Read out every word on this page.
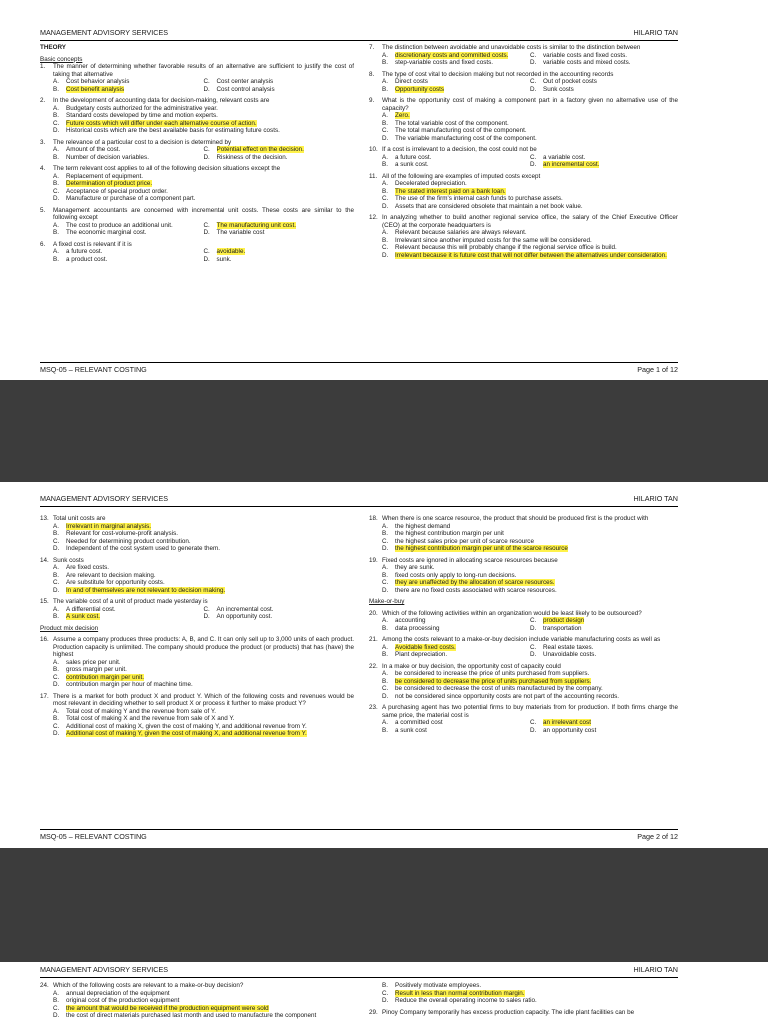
MANAGEMENT ADVISORY SERVICES	HILARIO TAN
THEORY
Basic concepts
1. The manner of determining whether favorable results of an alternative are sufficient to justify the cost of taking that alternative
A. Cost behavior analysis	C. Cost center analysis
B. Cost benefit analysis	D. Cost control analysis
2. In the development of accounting data for decision-making, relevant costs are
A. Budgetary costs authorized for the administrative year.
B. Standard costs developed by time and motion experts.
C. Future costs which will differ under each alternative course of action.
D. Historical costs which are the best available basis for estimating future costs.
3. The relevance of a particular cost to a decision is determined by
A. Amount of the cost.	C. Potential effect on the decision.
B. Number of decision variables.	D. Riskiness of the decision.
4. The term relevant cost applies to all of the following decision situations except the
A. Replacement of equipment.
B. Determination of product price.
C. Acceptance of special product order.
D. Manufacture or purchase of a component part.
5. Management accountants are concerned with incremental unit costs. These costs are similar to the following except
A. The cost to produce an additional unit.	C. The manufacturing unit cost.
B. The economic marginal cost.	D. The variable cost
6. A fixed cost is relevant if it is
A. a future cost.	C. avoidable.
B. a product cost.	D. sunk.
7. The distinction between avoidable and unavoidable costs is similar to the distinction between
A. discretionary costs and committed costs.	C. variable costs and fixed costs.
B. step-variable costs and fixed costs.	D. variable costs and mixed costs.
8. The type of cost vital to decision making but not recorded in the accounting records
A. Direct costs	C. Out of pocket costs
B. Opportunity costs	D. Sunk costs
9. What is the opportunity cost of making a component part in a factory given no alternative use of the capacity?
A. Zero.
B. The total variable cost of the component.
C. The total manufacturing cost of the component.
D. The variable manufacturing cost of the component.
10. If a cost is irrelevant to a decision, the cost could not be
A. a future cost.	C. a variable cost.
B. a sunk cost.	D. an incremental cost.
11. All of the following are examples of imputed costs except
A. Decelerated depreciation.
B. The stated interest paid on a bank loan.
C. The use of the firm's internal cash funds to purchase assets.
D. Assets that are considered obsolete that maintain a net book value.
12. In analyzing whether to build another regional service office, the salary of the Chief Executive Officer (CEO) at the corporate headquarters is
A. Relevant because salaries are always relevant.
B. Irrelevant since another imputed costs for the same will be considered.
C. Relevant because this will probably change if the regional service office is build.
D. Irrelevant because it is future cost that will not differ between the alternatives under consideration.
MSQ-05 – RELEVANT COSTING	Page 1 of 12
MANAGEMENT ADVISORY SERVICES	HILARIO TAN
13. Total unit costs are
A. Irrelevant in marginal analysis.
B. Relevant for cost-volume-profit analysis.
C. Needed for determining product contribution.
D. Independent of the cost system used to generate them.
14. Sunk costs
A. Are fixed costs.
B. Are relevant to decision making.
C. Are substitute for opportunity costs.
D. In and of themselves are not relevant to decision making.
15. The variable cost of a unit of product made yesterday is
A. A differential cost.	C. An incremental cost.
B. A sunk cost.	D. An opportunity cost.
Product mix decision
16. Assume a company produces three products: A, B, and C. It can only sell up to 3,000 units of each product. Production capacity is unlimited. The company should produce the product (or products) that has (have) the highest
A. sales price per unit.
B. gross margin per unit.
C. contribution margin per unit.
D. contribution margin per hour of machine time.
17. There is a market for both product X and product Y. Which of the following costs and revenues would be most relevant in deciding whether to sell product X or process it further to make product Y?
A. Total cost of making Y and the revenue from sale of Y.
B. Total cost of making X and the revenue from sale of X and Y.
C. Additional cost of making X, given the cost of making Y, and additional revenue from Y.
D. Additional cost of making Y, given the cost of making X, and additional revenue from Y.
18. When there is one scarce resource, the product that should be produced first is the product with
A. the highest demand
B. the highest contribution margin per unit
C. the highest sales price per unit of scarce resource
D. the highest contribution margin per unit of the scarce resource
19. Fixed costs are ignored in allocating scarce resources because
A. they are sunk.
B. fixed costs only apply to long-run decisions.
C. they are unaffected by the allocation of scarce resources.
D. there are no fixed costs associated with scarce resources.
Make-or-buy
20. Which of the following activities within an organization would be least likely to be outsourced?
A. accounting	C. product design
B. data processing	D. transportation
21. Among the costs relevant to a make-or-buy decision include variable manufacturing costs as well as
A. Avoidable fixed costs.	C. Real estate taxes.
B. Plant depreciation.	D. Unavoidable costs.
22. In a make or buy decision, the opportunity cost of capacity could
A. be considered to increase the price of units purchased from suppliers.
B. be considered to decrease the price of units purchased from suppliers.
C. be considered to decrease the cost of units manufactured by the company.
D. not be considered since opportunity costs are not part of the accounting records.
23. A purchasing agent has two potential firms to buy materials from for production. If both firms charge the same price, the material cost is
A. a committed cost	C. an irrelevant cost
B. a sunk cost	D. an opportunity cost
MSQ-05 – RELEVANT COSTING	Page 2 of 12
MANAGEMENT ADVISORY SERVICES	HILARIO TAN
24. Which of the following costs are relevant to a make-or-buy decision?
A. annual depreciation of the equipment
B. original cost of the production equipment
C. the amount that would be received if the production equipment were sold
D. the cost of direct materials purchased last month and used to manufacture the component
B. Positively motivate employees.
C. Result in less than normal contribution margin.
D. Reduce the overall operating income to sales ratio.
29. Pinoy Company temporarily has excess production capacity. The idle plant facilities can be
